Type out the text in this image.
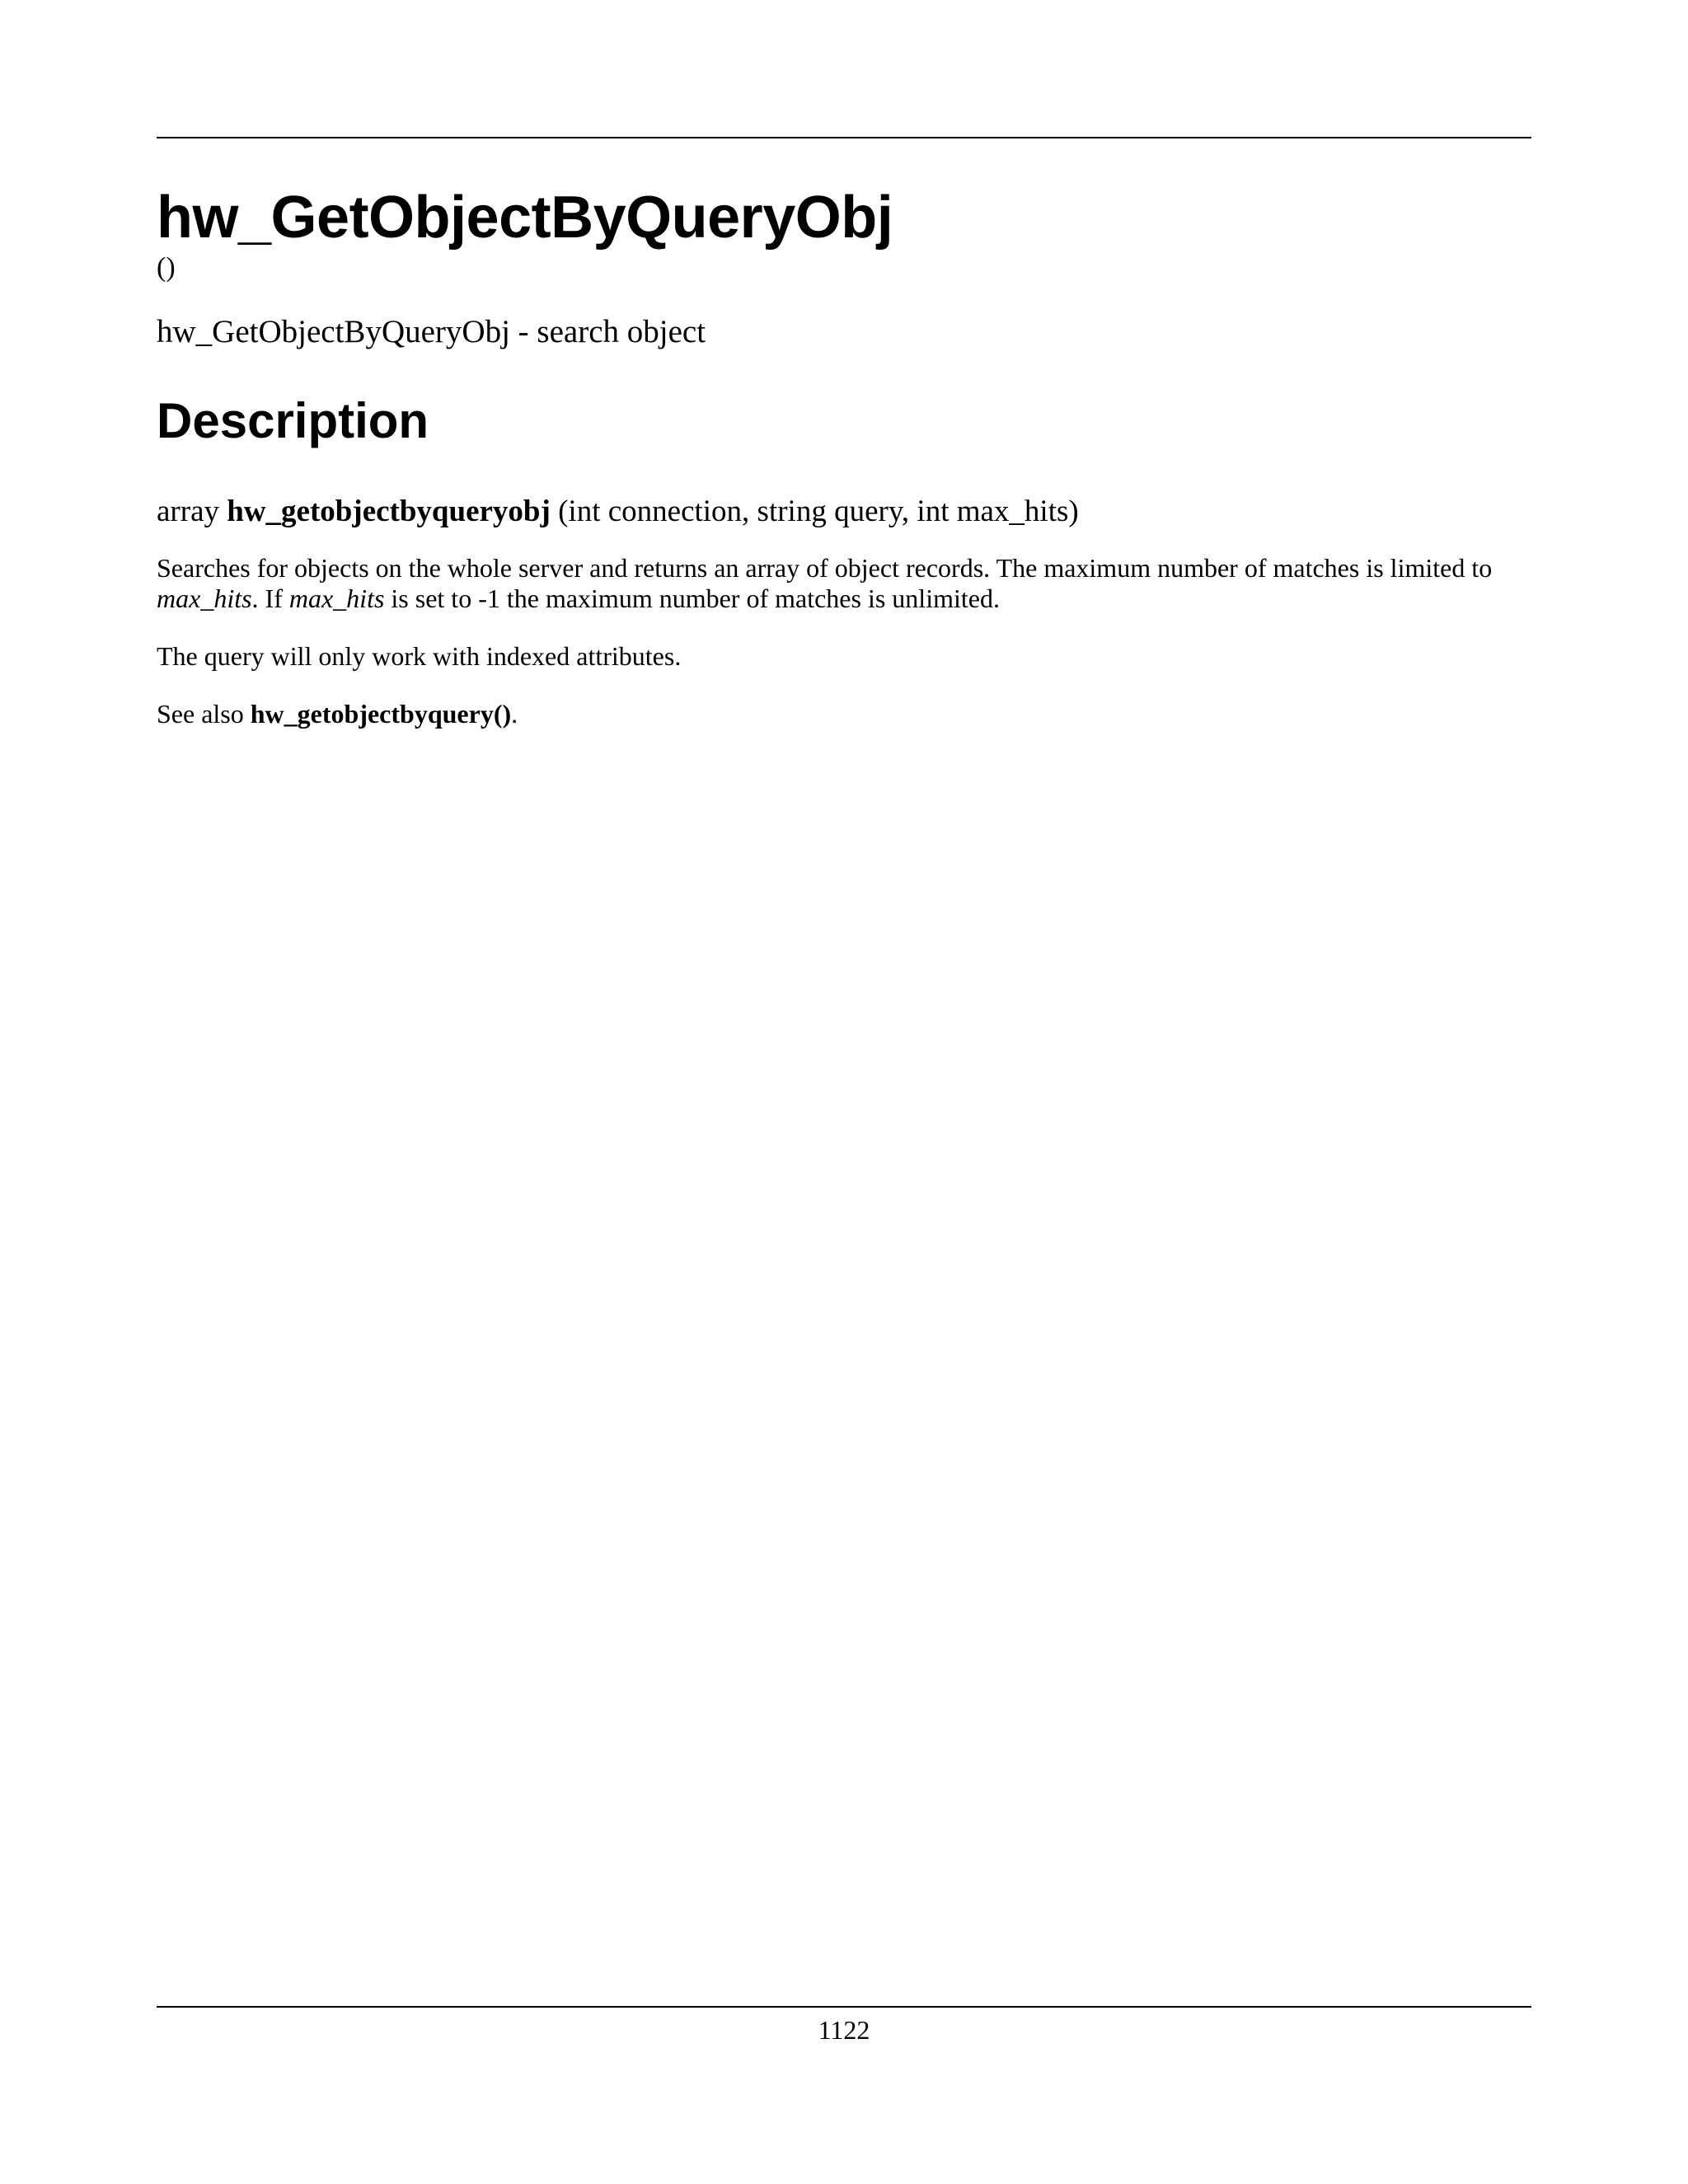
hw_GetObjectByQueryObj
()
hw_GetObjectByQueryObj - search object
Description
array hw_getobjectbyqueryobj (int connection, string query, int max_hits)

Searches for objects on the whole server and returns an array of object records. The maximum number of matches is limited to max_hits. If max_hits is set to -1 the maximum number of matches is unlimited.

The query will only work with indexed attributes.

See also hw_getobjectbyquery().

1122
